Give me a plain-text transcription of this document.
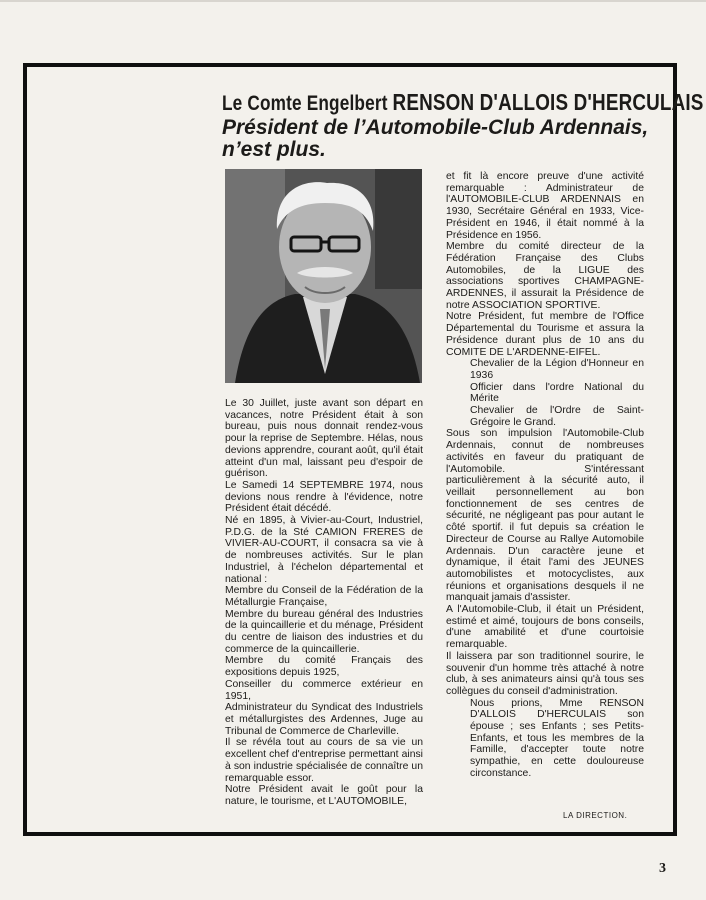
Le Comte Engelbert RENSON D'ALLOIS D'HERCULAIS
Président de l’Automobile-Club Ardennais,
n’est plus.

Le 30 Juillet, juste avant son départ en vacances, notre Président était à son bureau, puis nous donnait rendez-vous pour la reprise de Septembre. Hélas, nous devions apprendre, courant août, qu'il était atteint d'un mal, laissant peu d'espoir de guérison.

Le Samedi 14 SEPTEMBRE 1974, nous devions nous rendre à l'évidence, notre Président était décédé.

Né en 1895, à Vivier-au-Court, Industriel, P.D.G. de la Sté CAMION FRERES de VIVIER-AU-COURT, il consacra sa vie à de nombreuses activités. Sur le plan Industriel, à l'échelon départemental et national :

Membre du Conseil de la Fédération de la Métallurgie Française,

Membre du bureau général des Industries de la quincaillerie et du ménage, Président du centre de liaison des industries et du commerce de la quincaillerie.

Membre du comité Français des expositions depuis 1925,

Conseiller du commerce extérieur en 1951,

Administrateur du Syndicat des Industriels et métallurgistes des Ardennes, Juge au Tribunal de Commerce de Charleville.

Il se révéla tout au cours de sa vie un excellent chef d'entreprise permettant ainsi à son industrie spécialisée de connaître un remarquable essor.

Notre Président avait le goût pour la nature, le tourisme, et L'AUTOMOBILE,

et fit là encore preuve d'une activité remarquable : Administrateur de l'AUTOMOBILE-CLUB ARDENNAIS en 1930, Secrétaire Général en 1933, Vice-Président en 1946, il était nommé à la Présidence en 1956.

Membre du comité directeur de la Fédération Française des Clubs Automobiles, de la LIGUE des associations sportives CHAMPAGNE-ARDENNES, il assurait la Présidence de notre ASSOCIATION SPORTIVE.

Notre Président, fut membre de l'Office Départemental du Tourisme et assura la Présidence durant plus de 10 ans du COMITE DE L'ARDENNE-EIFEL.

Chevalier de la Légion d'Honneur en 1936

Officier dans l'ordre National du Mérite

Chevalier de l'Ordre de Saint-Grégoire le Grand.

Sous son impulsion l'Automobile-Club Ardennais, connut de nombreuses activités en faveur du pratiquant de l'Automobile. S'intéressant particulièrement à la sécurité auto, il veillait personnellement au bon fonctionnement de ses centres de sécurité, ne négligeant pas pour autant le côté sportif. il fut depuis sa création le Directeur de Course au Rallye Automobile Ardennais. D'un caractère jeune et dynamique, il était l'ami des JEUNES automobilistes et motocyclistes, aux réunions et organisations desquels il ne manquait jamais d'assister.

A l'Automobile-Club, il était un Président, estimé et aimé, toujours de bons conseils, d'une amabilité et d'une courtoisie remarquable.

Il laissera par son traditionnel sourire, le souvenir d'un homme très attaché à notre club, à ses animateurs ainsi qu'à tous ses collègues du conseil d'administration.

Nous prions, Mme RENSON D'ALLOIS D'HERCULAIS son épouse ; ses Enfants ; ses Petits-Enfants, et tous les membres de la Famille, d'accepter toute notre sympathie, en cette douloureuse circonstance.

LA DIRECTION.
3
